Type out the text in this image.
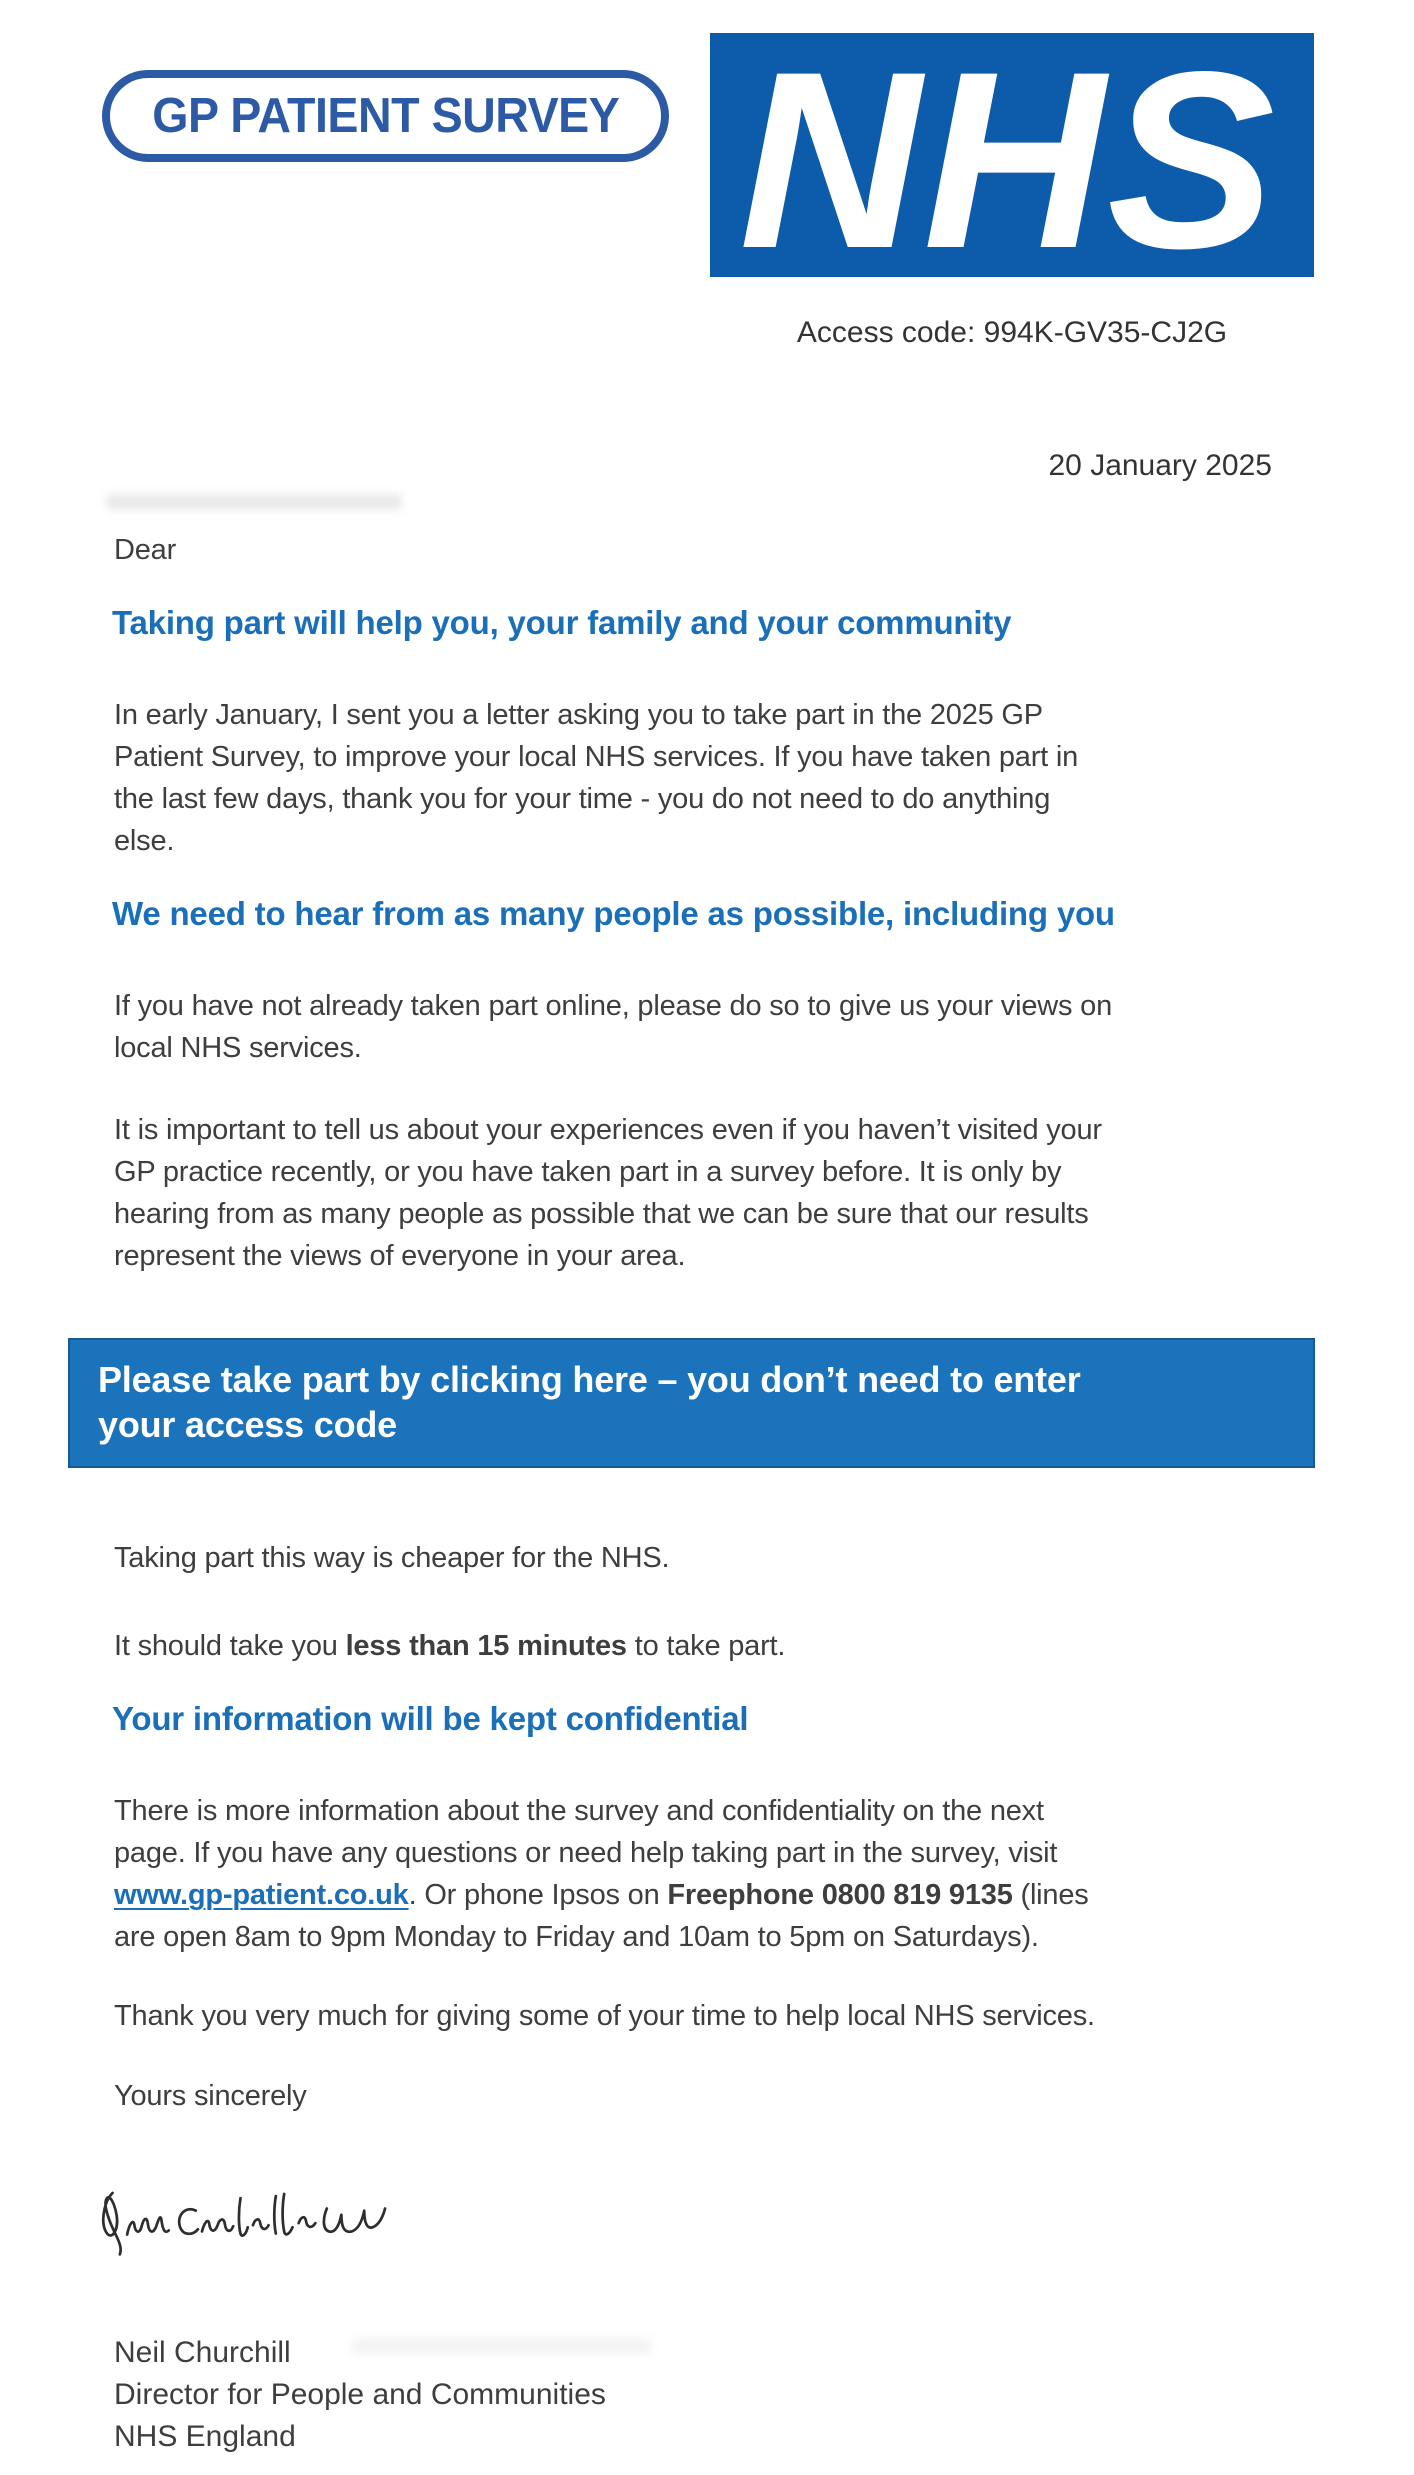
GP PATIENT SURVEY NHS
Access code: 994K-GV35-CJ2G
20 January 2025
Dear
Taking part will help you, your family and your community
In early January, I sent you a letter asking you to take part in the 2025 GP
Patient Survey, to improve your local NHS services. If you have taken part in
the last few days, thank you for your time - you do not need to do anything
else.
We need to hear from as many people as possible, including you
If you have not already taken part online, please do so to give us your views on
local NHS services.
It is important to tell us about your experiences even if you haven’t visited your
GP practice recently, or you have taken part in a survey before. It is only by
hearing from as many people as possible that we can be sure that our results
represent the views of everyone in your area.
Please take part by clicking here – you don’t need to enter
your access code
Taking part this way is cheaper for the NHS.
It should take you less than 15 minutes to take part.
Your information will be kept confidential
There is more information about the survey and confidentiality on the next
page. If you have any questions or need help taking part in the survey, visit
www.gp-patient.co.uk. Or phone Ipsos on Freephone 0800 819 9135 (lines
are open 8am to 9pm Monday to Friday and 10am to 5pm on Saturdays).
Thank you very much for giving some of your time to help local NHS services.
Yours sincerely
Neil Churchill
Director for People and Communities
NHS England
